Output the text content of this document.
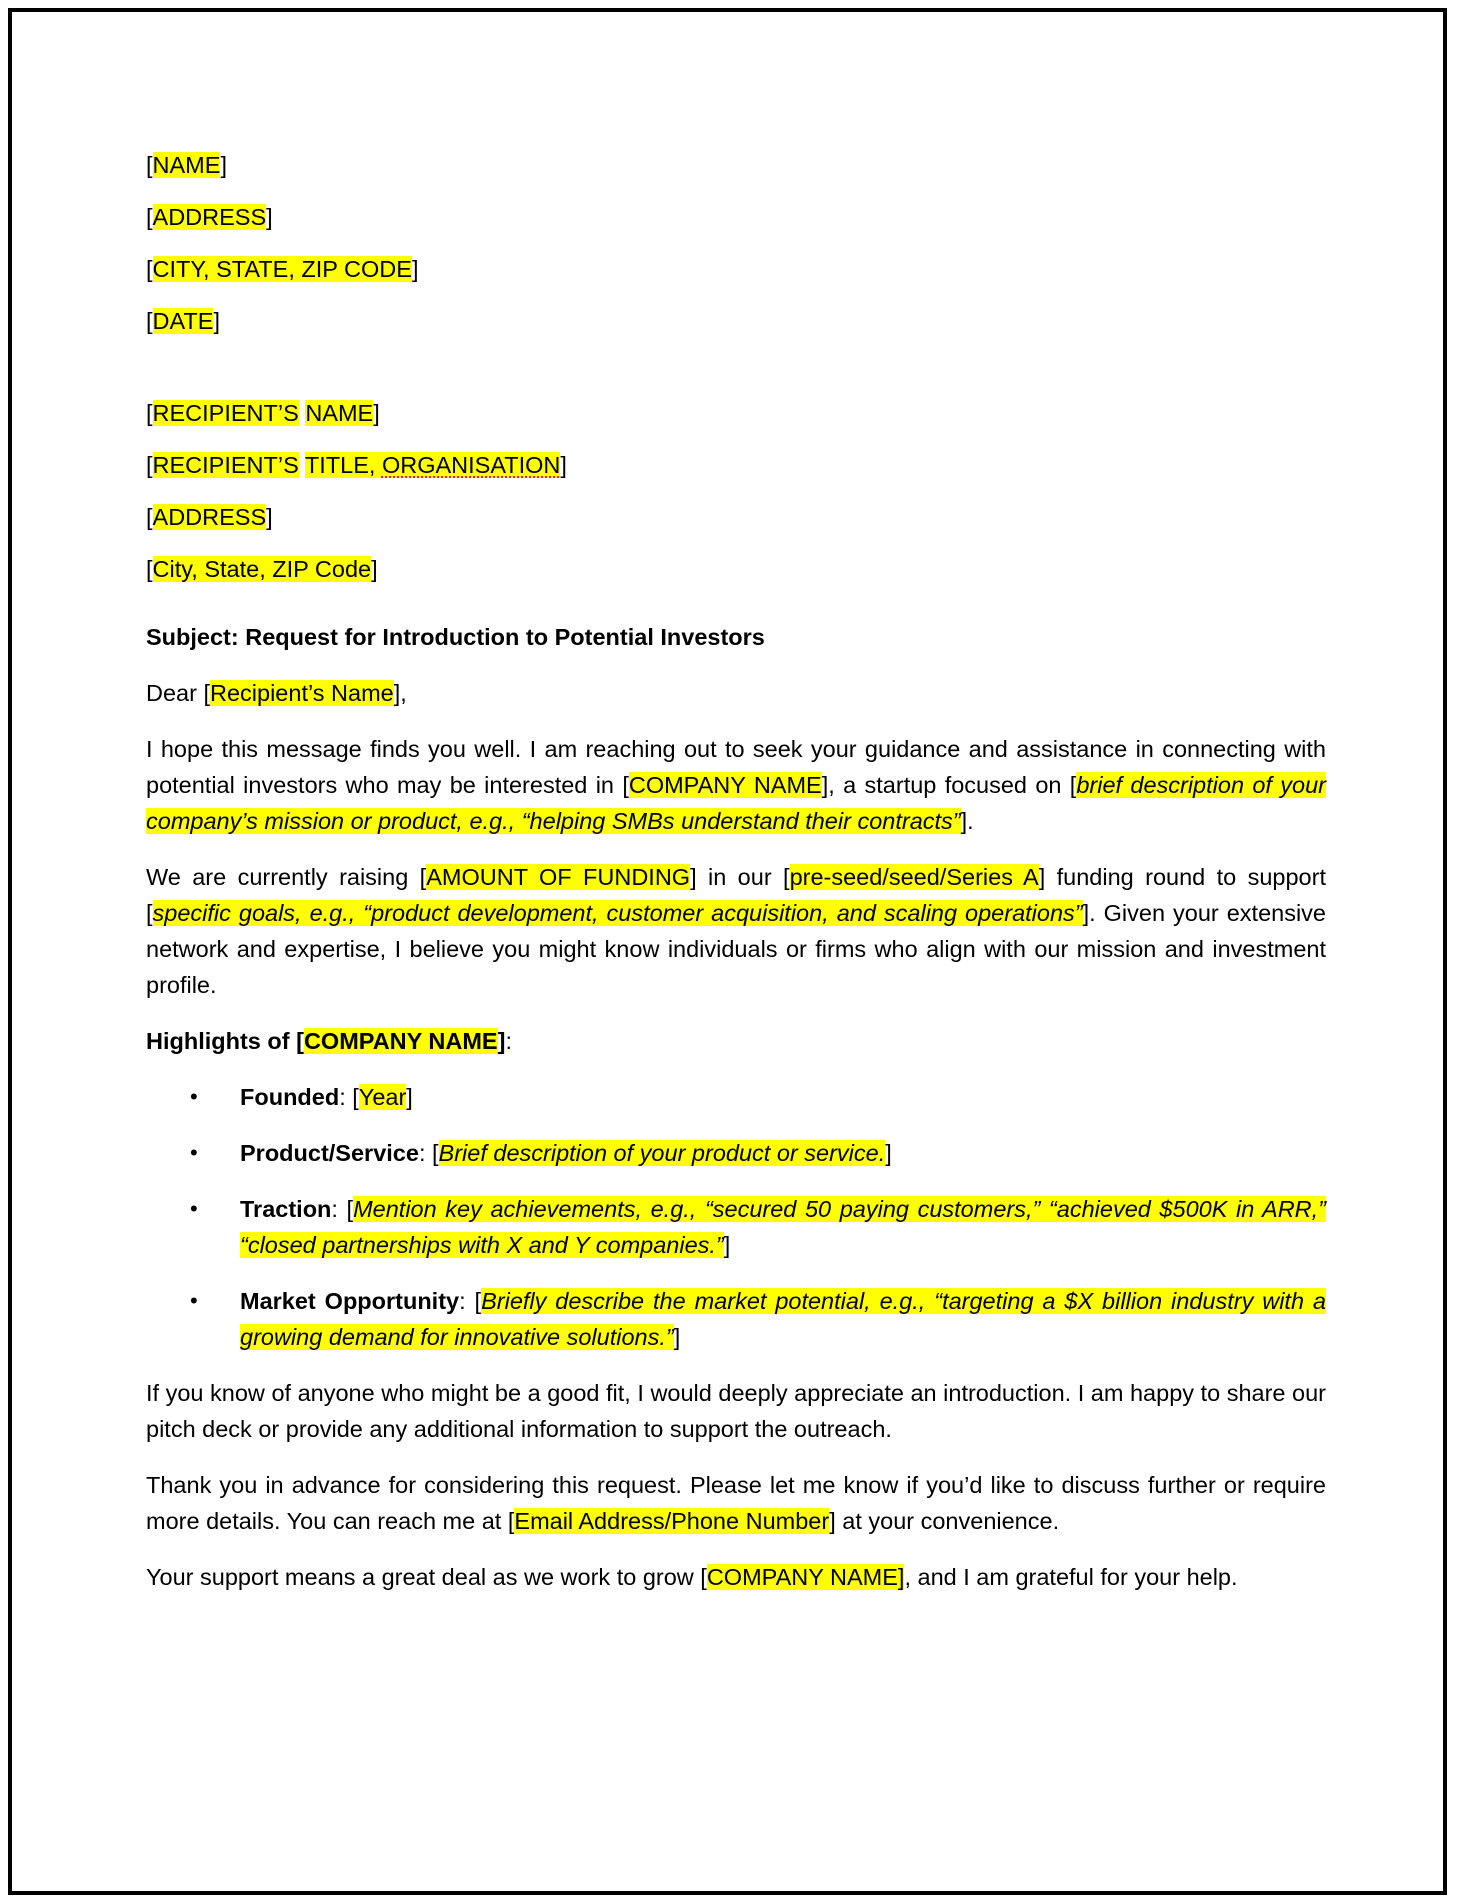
[NAME]
[ADDRESS]
[CITY, STATE, ZIP CODE]
[DATE]
[RECIPIENT’S NAME]
[RECIPIENT’S TITLE, ORGANISATION]
[ADDRESS]
[City, State, ZIP Code]

Subject: Request for Introduction to Potential Investors

Dear [Recipient’s Name],

I hope this message finds you well. I am reaching out to seek your guidance and assistance in connecting with potential investors who may be interested in [COMPANY NAME], a startup focused on [brief description of your company’s mission or product, e.g., “helping SMBs understand their contracts”].

We are currently raising [AMOUNT OF FUNDING] in our [pre-seed/seed/Series A] funding round to support [specific goals, e.g., “product development, customer acquisition, and scaling operations”]. Given your extensive network and expertise, I believe you might know individuals or firms who align with our mission and investment profile.

Highlights of [COMPANY NAME]:

• Founded: [Year]
• Product/Service: [Brief description of your product or service.]
• Traction: [Mention key achievements, e.g., “secured 50 paying customers,” “achieved $500K in ARR,” “closed partnerships with X and Y companies.”]
• Market Opportunity: [Briefly describe the market potential, e.g., “targeting a $X billion industry with a growing demand for innovative solutions.”]

If you know of anyone who might be a good fit, I would deeply appreciate an introduction. I am happy to share our pitch deck or provide any additional information to support the outreach.

Thank you in advance for considering this request. Please let me know if you’d like to discuss further or require more details. You can reach me at [Email Address/Phone Number] at your convenience.

Your support means a great deal as we work to grow [COMPANY NAME], and I am grateful for your help.
